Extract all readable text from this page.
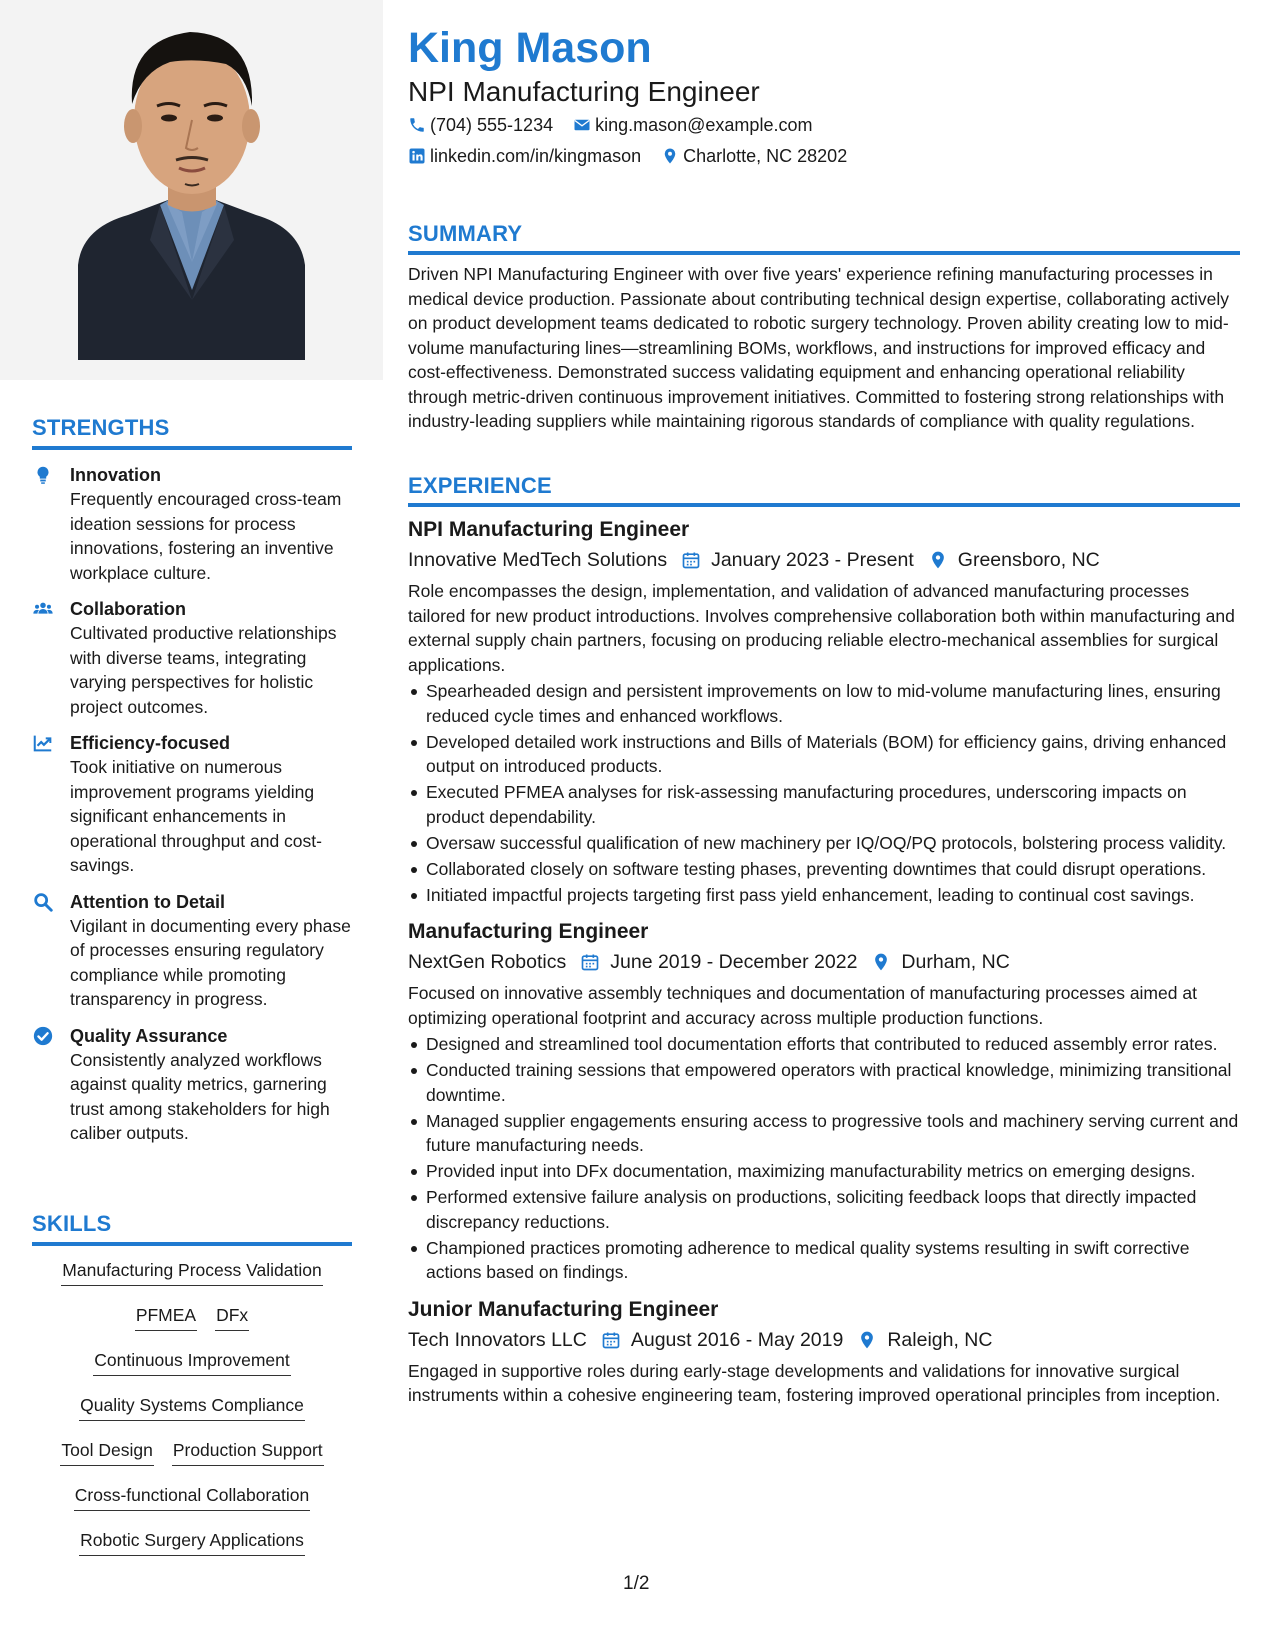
STRENGTHS
Innovation
Frequently encouraged cross-team ideation sessions for process innovations, fostering an inventive workplace culture.
Collaboration
Cultivated productive relationships with diverse teams, integrating varying perspectives for holistic project outcomes.
Efficiency-focused
Took initiative on numerous improvement programs yielding significant enhancements in operational throughput and cost-savings.
Attention to Detail
Vigilant in documenting every phase of processes ensuring regulatory compliance while promoting transparency in progress.
Quality Assurance
Consistently analyzed workflows against quality metrics, garnering trust among stakeholders for high caliber outputs.
SKILLS
Manufacturing Process Validation
PFMEA DFx
Continuous Improvement
Quality Systems Compliance
Tool Design Production Support
Cross-functional Collaboration
Robotic Surgery Applications
King Mason
NPI Manufacturing Engineer
(704) 555-1234 king.mason@example.com
linkedin.com/in/kingmason Charlotte, NC 28202
SUMMARY
Driven NPI Manufacturing Engineer with over five years' experience refining manufacturing processes in medical device production. Passionate about contributing technical design expertise, collaborating actively on product development teams dedicated to robotic surgery technology. Proven ability creating low to mid-volume manufacturing lines—streamlining BOMs, workflows, and instructions for improved efficacy and cost-effectiveness. Demonstrated success validating equipment and enhancing operational reliability through metric-driven continuous improvement initiatives. Committed to fostering strong relationships with industry-leading suppliers while maintaining rigorous standards of compliance with quality regulations.
EXPERIENCE
NPI Manufacturing Engineer
Innovative MedTech Solutions January 2023 - Present Greensboro, NC
Role encompasses the design, implementation, and validation of advanced manufacturing processes tailored for new product introductions. Involves comprehensive collaboration both within manufacturing and external supply chain partners, focusing on producing reliable electro-mechanical assemblies for surgical applications.
Spearheaded design and persistent improvements on low to mid-volume manufacturing lines, ensuring reduced cycle times and enhanced workflows.
Developed detailed work instructions and Bills of Materials (BOM) for efficiency gains, driving enhanced output on introduced products.
Executed PFMEA analyses for risk-assessing manufacturing procedures, underscoring impacts on product dependability.
Oversaw successful qualification of new machinery per IQ/OQ/PQ protocols, bolstering process validity.
Collaborated closely on software testing phases, preventing downtimes that could disrupt operations.
Initiated impactful projects targeting first pass yield enhancement, leading to continual cost savings.
Manufacturing Engineer
NextGen Robotics June 2019 - December 2022 Durham, NC
Focused on innovative assembly techniques and documentation of manufacturing processes aimed at optimizing operational footprint and accuracy across multiple production functions.
Designed and streamlined tool documentation efforts that contributed to reduced assembly error rates.
Conducted training sessions that empowered operators with practical knowledge, minimizing transitional downtime.
Managed supplier engagements ensuring access to progressive tools and machinery serving current and future manufacturing needs.
Provided input into DFx documentation, maximizing manufacturability metrics on emerging designs.
Performed extensive failure analysis on productions, soliciting feedback loops that directly impacted discrepancy reductions.
Championed practices promoting adherence to medical quality systems resulting in swift corrective actions based on findings.
Junior Manufacturing Engineer
Tech Innovators LLC August 2016 - May 2019 Raleigh, NC
Engaged in supportive roles during early-stage developments and validations for innovative surgical instruments within a cohesive engineering team, fostering improved operational principles from inception.
1/2
